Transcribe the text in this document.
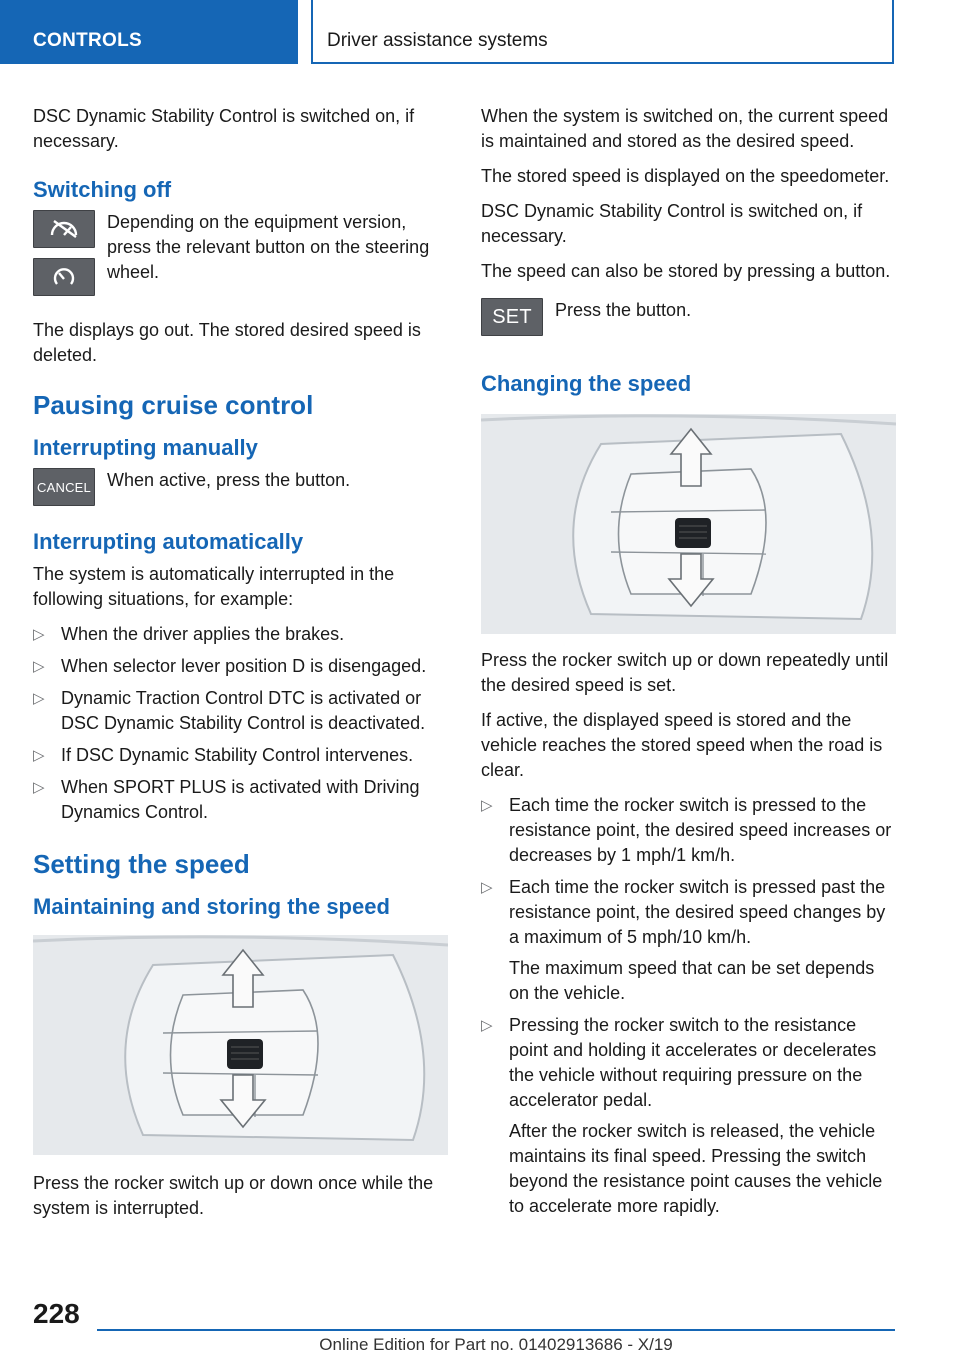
CONTROLS	Driver assistance systems

DSC Dynamic Stability Control is switched on, if necessary.

Switching off

Depending on the equipment version, press the relevant button on the steering wheel.

The displays go out. The stored desired speed is deleted.

Pausing cruise control
Interrupting manually
CANCEL When active, press the button.

Interrupting automatically

The system is automatically interrupted in the following situations, for example:

▷ When the driver applies the brakes.
▷ When selector lever position D is disengaged.
▷ Dynamic Traction Control DTC is activated or DSC Dynamic Stability Control is deactivated.
▷ If DSC Dynamic Stability Control intervenes.
▷ When SPORT PLUS is activated with Driving Dynamics Control.
Setting the speed
Maintaining and storing the speed

Press the rocker switch up or down once while the system is interrupted.

When the system is switched on, the current speed is maintained and stored as the desired speed.

The stored speed is displayed on the speedometer.

DSC Dynamic Stability Control is switched on, if necessary.

The speed can also be stored by pressing a button.

SET Press the button.

Changing the speed

Press the rocker switch up or down repeatedly until the desired speed is set.

If active, the displayed speed is stored and the vehicle reaches the stored speed when the road is clear.

▷ Each time the rocker switch is pressed to the resistance point, the desired speed increases or decreases by 1 mph/1 km/h.
▷ Each time the rocker switch is pressed past the resistance point, the desired speed changes by a maximum of 5 mph/10 km/h.

The maximum speed that can be set depends on the vehicle.

▷ Pressing the rocker switch to the resistance point and holding it accelerates or decelerates the vehicle without requiring pressure on the accelerator pedal.

After the rocker switch is released, the vehicle maintains its final speed. Pressing the switch beyond the resistance point causes the vehicle to accelerate more rapidly.

228
Online Edition for Part no. 01402913686 - X/19
